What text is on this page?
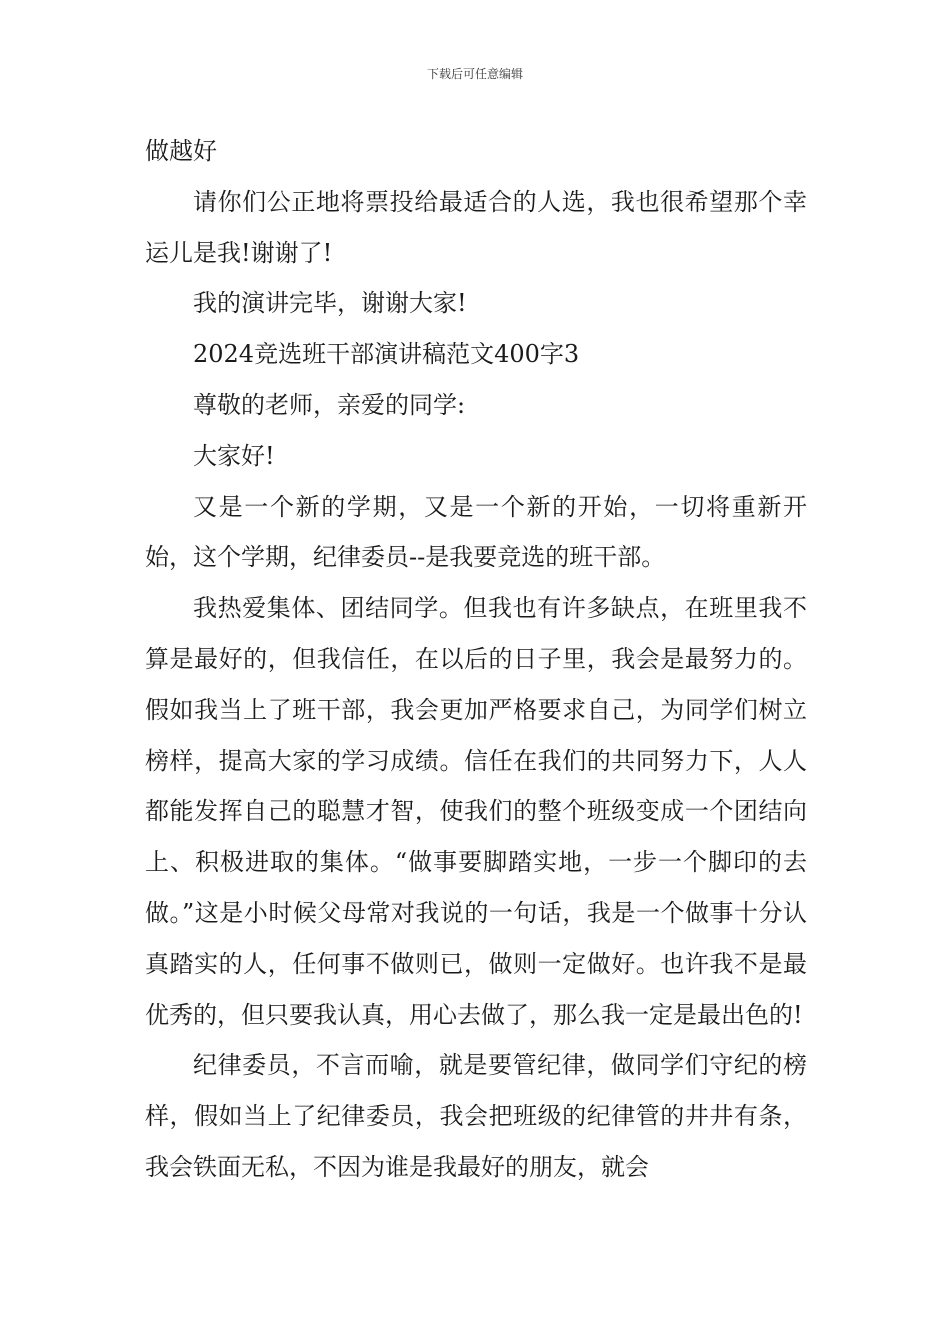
下载后可任意编辑

做越好

请你们公正地将票投给最适合的人选，我也很希望那个幸运儿是我!谢谢了!

我的演讲完毕，谢谢大家!

2024竞选班干部演讲稿范文400字3

尊敬的老师，亲爱的同学:

大家好!

又是一个新的学期，又是一个新的开始，一切将重新开始，这个学期，纪律委员--是我要竞选的班干部。

我热爱集体、团结同学。但我也有许多缺点，在班里我不算是最好的，但我信任，在以后的日子里，我会是最努力的。假如我当上了班干部，我会更加严格要求自己，为同学们树立榜样，提高大家的学习成绩。信任在我们的共同努力下，人人都能发挥自己的聪慧才智，使我们的整个班级变成一个团结向上、积极进取的集体。“做事要脚踏实地，一步一个脚印的去做。”这是小时候父母常对我说的一句话，我是一个做事十分认真踏实的人，任何事不做则已，做则一定做好。也许我不是最优秀的，但只要我认真，用心去做了，那么我一定是最出色的!

纪律委员，不言而喻，就是要管纪律，做同学们守纪的榜样，假如当上了纪律委员，我会把班级的纪律管的井井有条，我会铁面无私，不因为谁是我最好的朋友，就会
